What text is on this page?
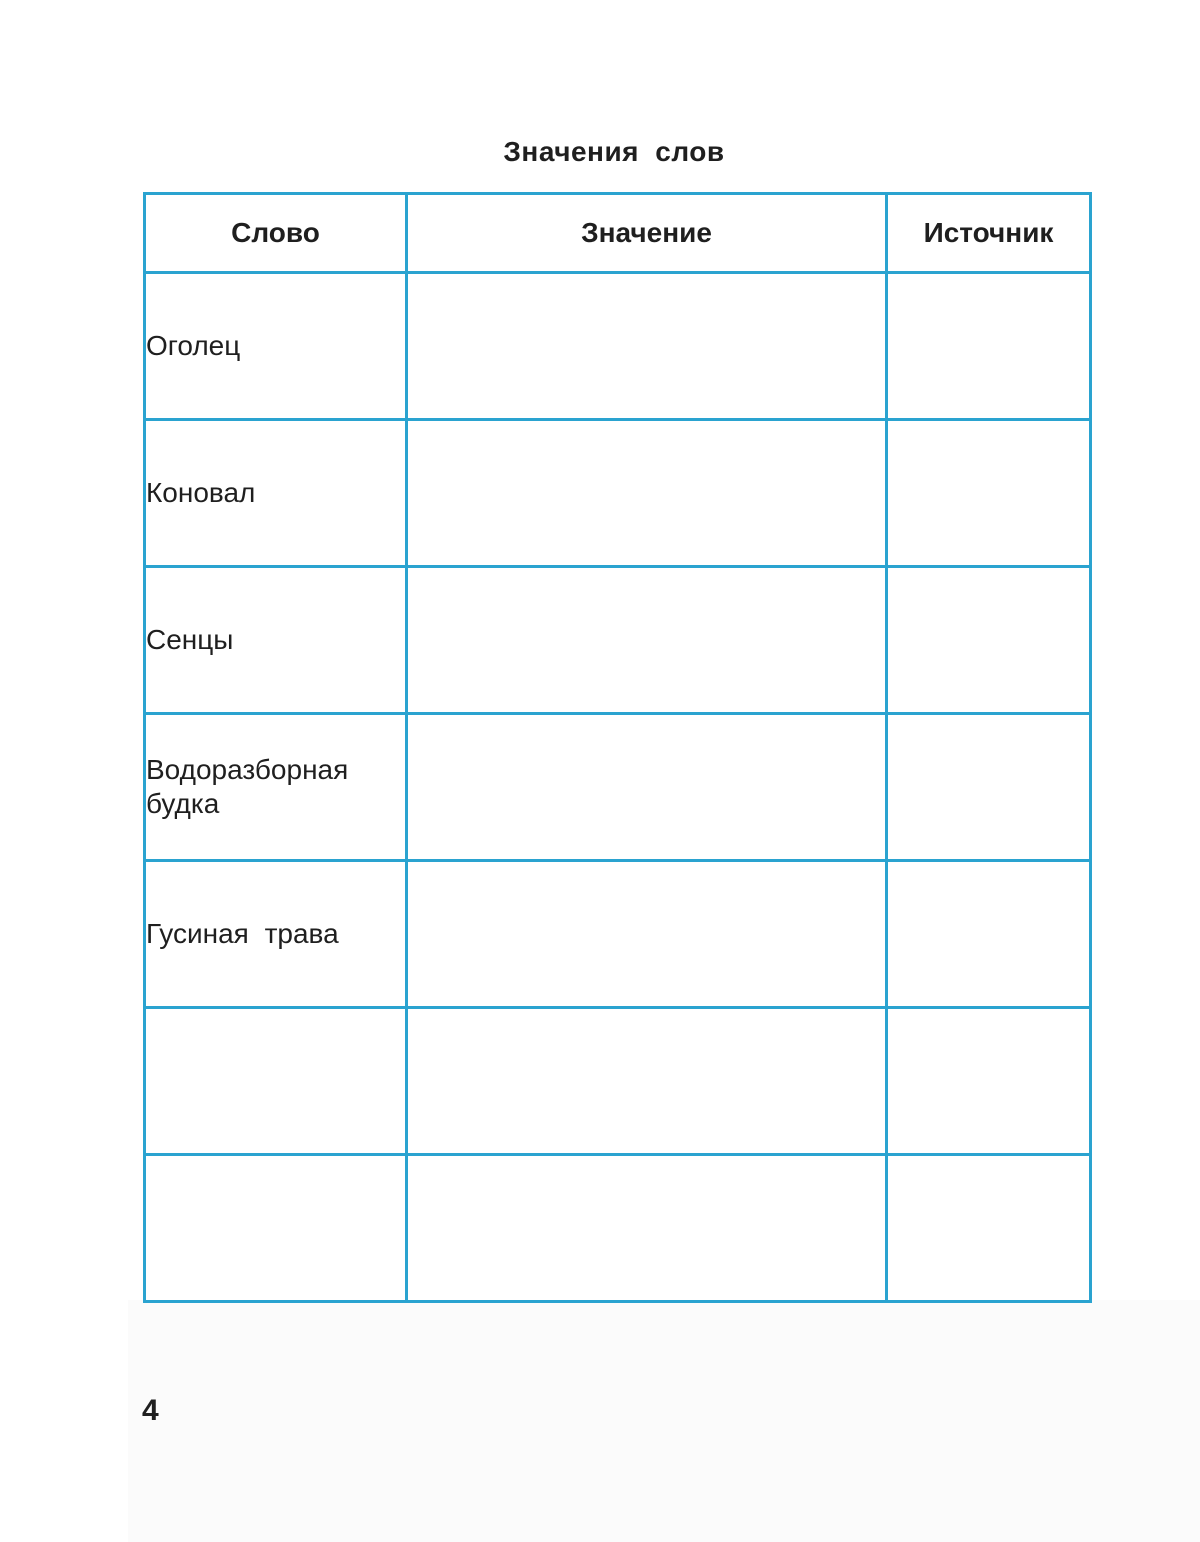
Значения слов
Слово	Значение	Источник
Оголец		
Коновал		
Сенцы		
Водоразборная будка		
Гусиная трава		

4
